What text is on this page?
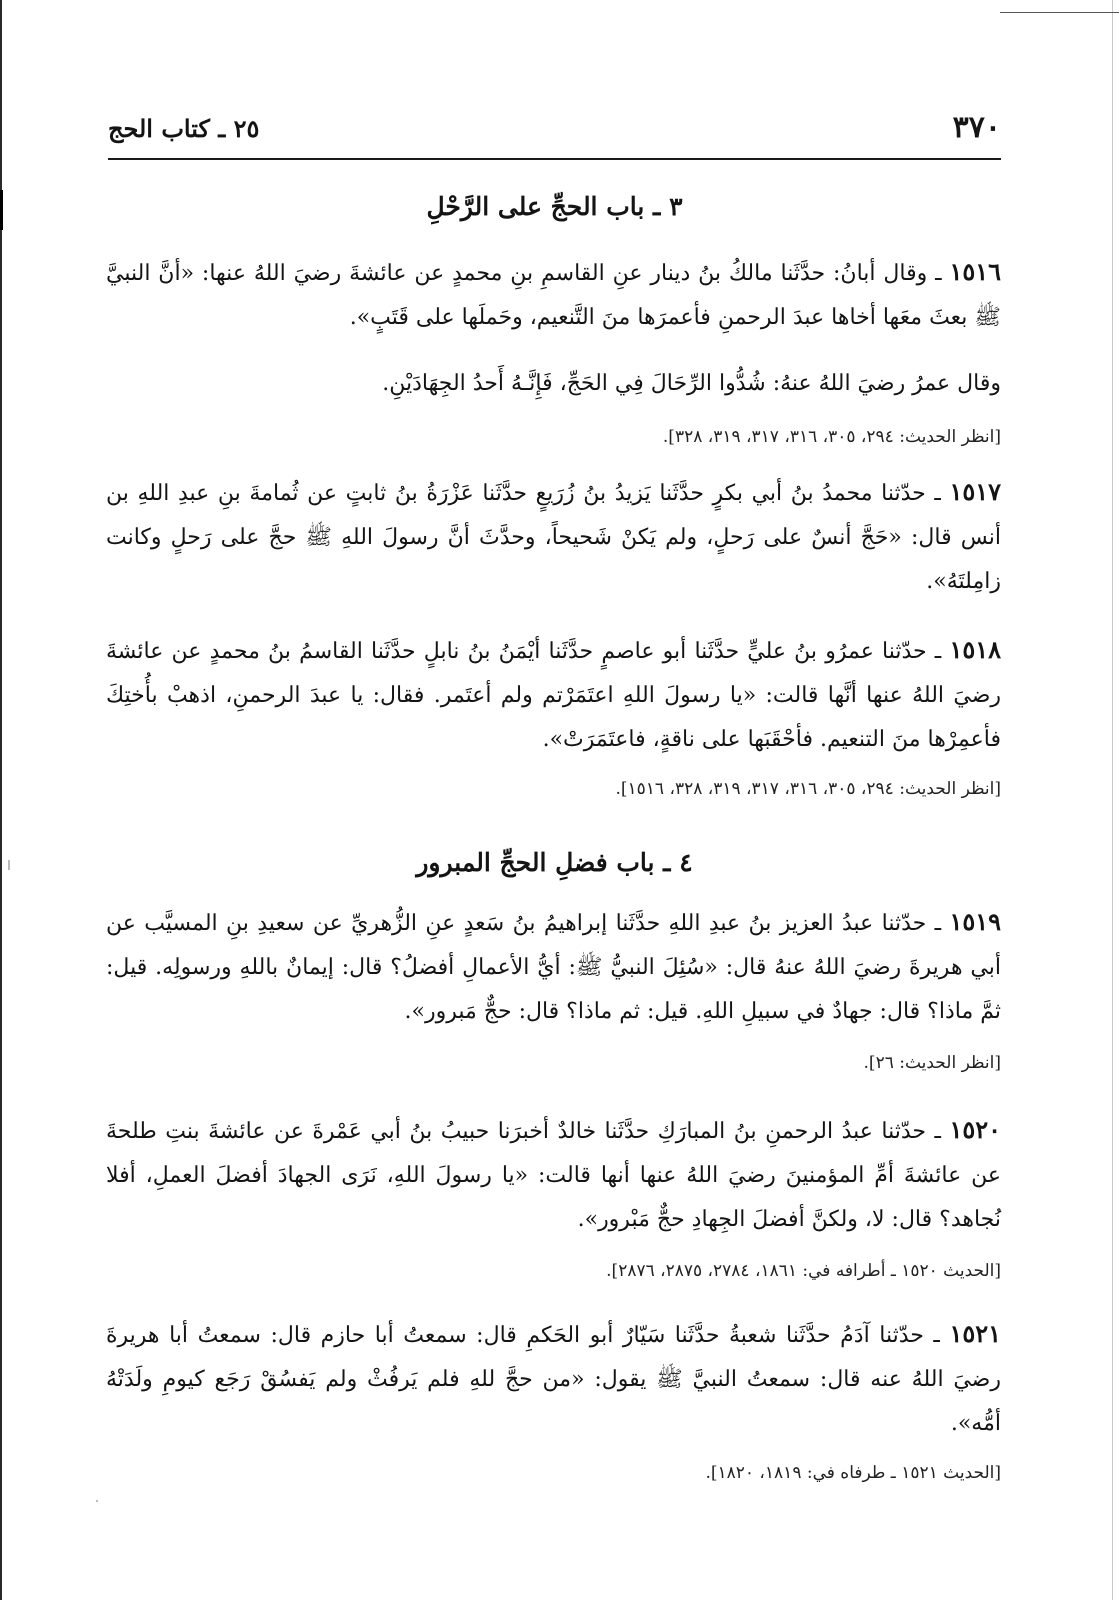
٣٧٠
٢٥ ـ كتاب الحج
٣ ـ باب الحجِّ على الرَّحْلِ
١٥١٦ ـ وقال أبانُ: حدَّثَنا مالكُ بنُ دينار عنِ القاسمِ بنِ محمدٍ عن عائشةَ رضيَ اللهُ عنها: «أنَّ النبيَّ ﷺ بعثَ معَها أخاها عبدَ الرحمنِ فأعمرَها منَ التَّنعيم، وحَملَها على قَتَبٍ».
وقال عمرُ رضيَ اللهُ عنهُ: شُدُّوا الرِّحَالَ فِي الحَجِّ، فَإِنَّـهُ أَحدُ الجِهَادَيْنِ.
[انظر الحديث: ٢٩٤، ٣٠٥، ٣١٦، ٣١٧، ٣١٩، ٣٢٨].
١٥١٧ ـ حدّثنا محمدُ بنُ أبي بكرٍ حدَّثَنا يَزيدُ بنُ زُرَيعٍ حدَّثَنا عَزْرَةُ بنُ ثابتٍ عن ثُمامةَ بنِ عبدِ اللهِ بن أنس قال: «حَجَّ أنسٌ على رَحلٍ، ولم يَكنْ شَحيحاً، وحدَّثَ أنَّ رسولَ اللهِ ﷺ حجَّ على رَحلٍ وكانت زامِلتَهُ».
١٥١٨ ـ حدّثنا عمرُو بنُ عليٍّ حدَّثَنا أبو عاصمٍ حدَّثَنا أيْمَنُ بنُ نابلٍ حدَّثَنا القاسمُ بنُ محمدٍ عن عائشةَ رضيَ اللهُ عنها أنَّها قالت: «يا رسولَ اللهِ اعتَمَرْتم ولم أعتَمر. فقال: يا عبدَ الرحمنِ، اذهبْ بأُختِكَ فأعمِرْها منَ التنعيم. فأحْقَبَها على ناقةٍ، فاعتَمَرَتْ».
[انظر الحديث: ٢٩٤، ٣٠٥، ٣١٦، ٣١٧، ٣١٩، ٣٢٨، ١٥١٦].
٤ ـ باب فضلِ الحجِّ المبرور
١٥١٩ ـ حدّثنا عبدُ العزيز بنُ عبدِ اللهِ حدَّثَنا إبراهيمُ بنُ سَعدٍ عنِ الزُّهريِّ عن سعيدِ بنِ المسيَّب عن أبي هريرةَ رضيَ اللهُ عنهُ قال: «سُئِلَ النبيُّ ﷺ: أيُّ الأعمالِ أفضلُ؟ قال: إيمانٌ باللهِ ورسولِه. قيل: ثمَّ ماذا؟ قال: جهادٌ في سبيلِ اللهِ. قيل: ثم ماذا؟ قال: حجٌّ مَبرور».
[انظر الحديث: ٢٦].
١٥٢٠ ـ حدّثنا عبدُ الرحمنِ بنُ المبارَكِ حدَّثَنا خالدٌ أخبرَنا حبيبُ بنُ أبي عَمْرةَ عن عائشةَ بنتِ طلحةَ عن عائشةَ أمِّ المؤمنينَ رضيَ اللهُ عنها أنها قالت: «يا رسولَ اللهِ، نَرَى الجهادَ أفضلَ العملِ، أفلا نُجاهد؟ قال: لا، ولكنَّ أفضلَ الجِهادِ حجٌّ مَبْرور».
[الحديث ١٥٢٠ ـ أطرافه في: ١٨٦١، ٢٧٨٤، ٢٨٧٥، ٢٨٧٦].
١٥٢١ ـ حدّثنا آدَمُ حدَّثَنا شعبةُ حدَّثَنا سَيّارٌ أبو الحَكمِ قال: سمعتُ أبا حازم قال: سمعتُ أبا هريرةَ رضيَ اللهُ عنه قال: سمعتُ النبيَّ ﷺ يقول: «من حجَّ للهِ فلم يَرفُثْ ولم يَفسُقْ رَجَع كيومِ ولَدَتْهُ أمُّه».
[الحديث ١٥٢١ ـ طرفاه في: ١٨١٩، ١٨٢٠].
